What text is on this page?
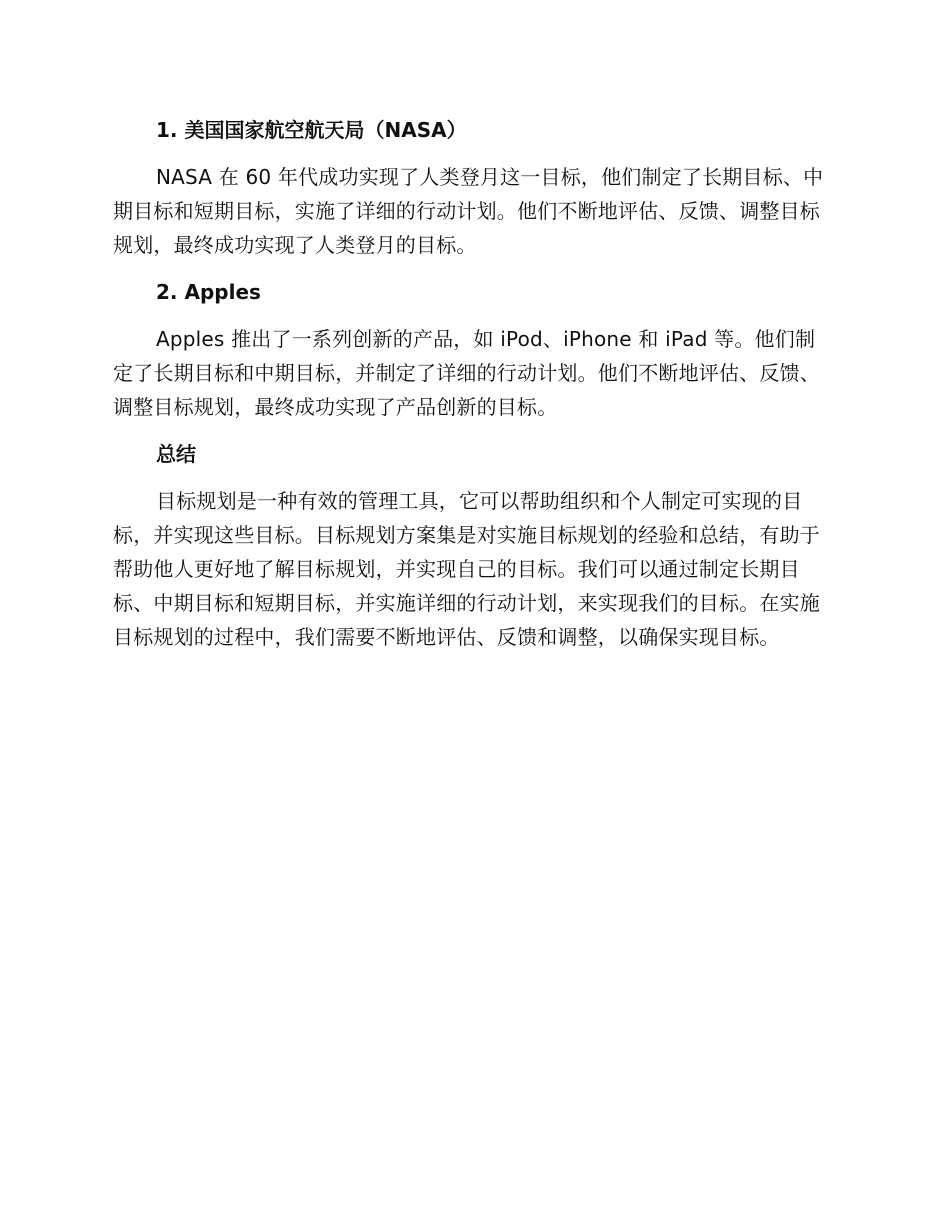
1. 美国国家航空航天局（NASA）

NASA 在 60 年代成功实现了人类登月这一目标，他们制定了长期目标、中期目标和短期目标，实施了详细的行动计划。他们不断地评估、反馈、调整目标规划，最终成功实现了人类登月的目标。

2. Apples

Apples 推出了一系列创新的产品，如 iPod、iPhone 和 iPad 等。他们制定了长期目标和中期目标，并制定了详细的行动计划。他们不断地评估、反馈、调整目标规划，最终成功实现了产品创新的目标。

总结

目标规划是一种有效的管理工具，它可以帮助组织和个人制定可实现的目标，并实现这些目标。目标规划方案集是对实施目标规划的经验和总结，有助于帮助他人更好地了解目标规划，并实现自己的目标。我们可以通过制定长期目标、中期目标和短期目标，并实施详细的行动计划，来实现我们的目标。在实施目标规划的过程中，我们需要不断地评估、反馈和调整，以确保实现目标。
